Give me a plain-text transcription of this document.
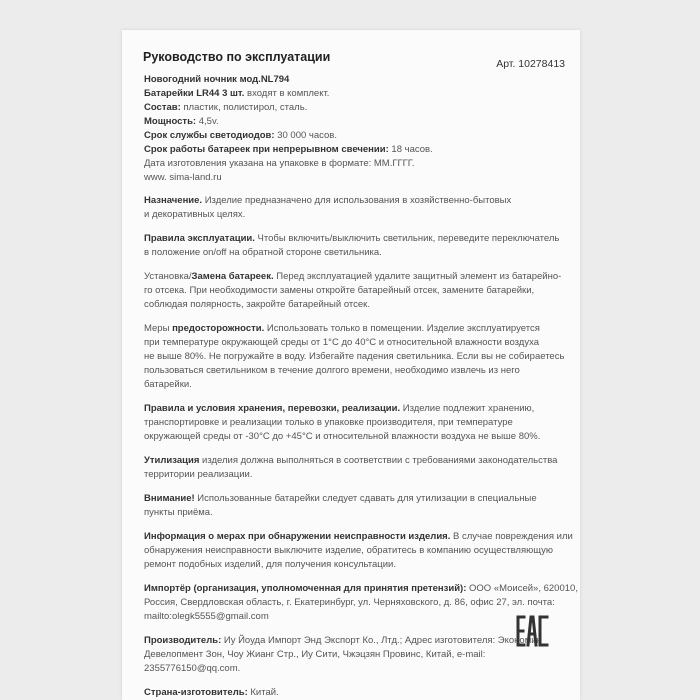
Руководство по эксплуатации	Арт. 10278413
Новогодний ночник мод.NL794
Батарейки LR44 3 шт. входят в комплект.
Состав: пластик, полистирол, сталь.
Мощность: 4,5v.
Срок службы светодиодов: 30 000 часов.
Срок работы батареек при непрерывном свечении: 18 часов.
Дата изготовления указана на упаковке в формате: ММ.ГГГГ.
www. sima-land.ru
Назначение. Изделие предназначено для использования в хозяйственно-бытовых
и декоративных целях.
Правила эксплуатации. Чтобы включить/выключить светильник, переведите переключатель
в положение on/off на обратной стороне светильника.
Установка/Замена батареек. Перед эксплуатацией удалите защитный элемент из батарейно-
го отсека. При необходимости замены откройте батарейный отсек, замените батарейки,
соблюдая полярность, закройте батарейный отсек.
Меры предосторожности. Использовать только в помещении. Изделие эксплуатируется
при температуре окружающей среды от 1°С до 40°С и относительной влажности воздуха
не выше 80%. Не погружайте в воду. Избегайте падения светильника. Если вы не собираетесь
пользоваться светильником в течение долгого времени, необходимо извлечь из него
батарейки.
Правила и условия хранения, перевозки, реализации. Изделие подлежит хранению,
транспортировке и реализации только в упаковке производителя, при температуре
окружающей среды от -30°С до +45°С и относительной влажности воздуха не выше 80%.
Утилизация изделия должна выполняться в соответствии с требованиями законодательства
территории реализации.
Внимание! Использованные батарейки следует сдавать для утилизации в специальные
пункты приёма.
Информация о мерах при обнаружении неисправности изделия. В случае повреждения или
обнаружения неисправности выключите изделие, обратитесь в компанию осуществляющую
ремонт подобных изделий, для получения консультации.
Импортёр (организация, уполномоченная для принятия претензий): ООО «Моисей», 620010,
Россия, Свердловская область, г. Екатеринбург, ул. Черняховского, д. 86, офис 27, эл. почта:
mailto:olegk5555@gmail.com
Производитель: Иу Йоуда Импорт Энд Экспорт Ко., Лтд.; Адрес изготовителя: Экономик
Девелопмент Зон, Чоу Жианг Стр., Иу Сити, Чжэцзян Провинс, Китай, e-mail:
2355776150@qq.com.
Страна-изготовитель: Китай.
